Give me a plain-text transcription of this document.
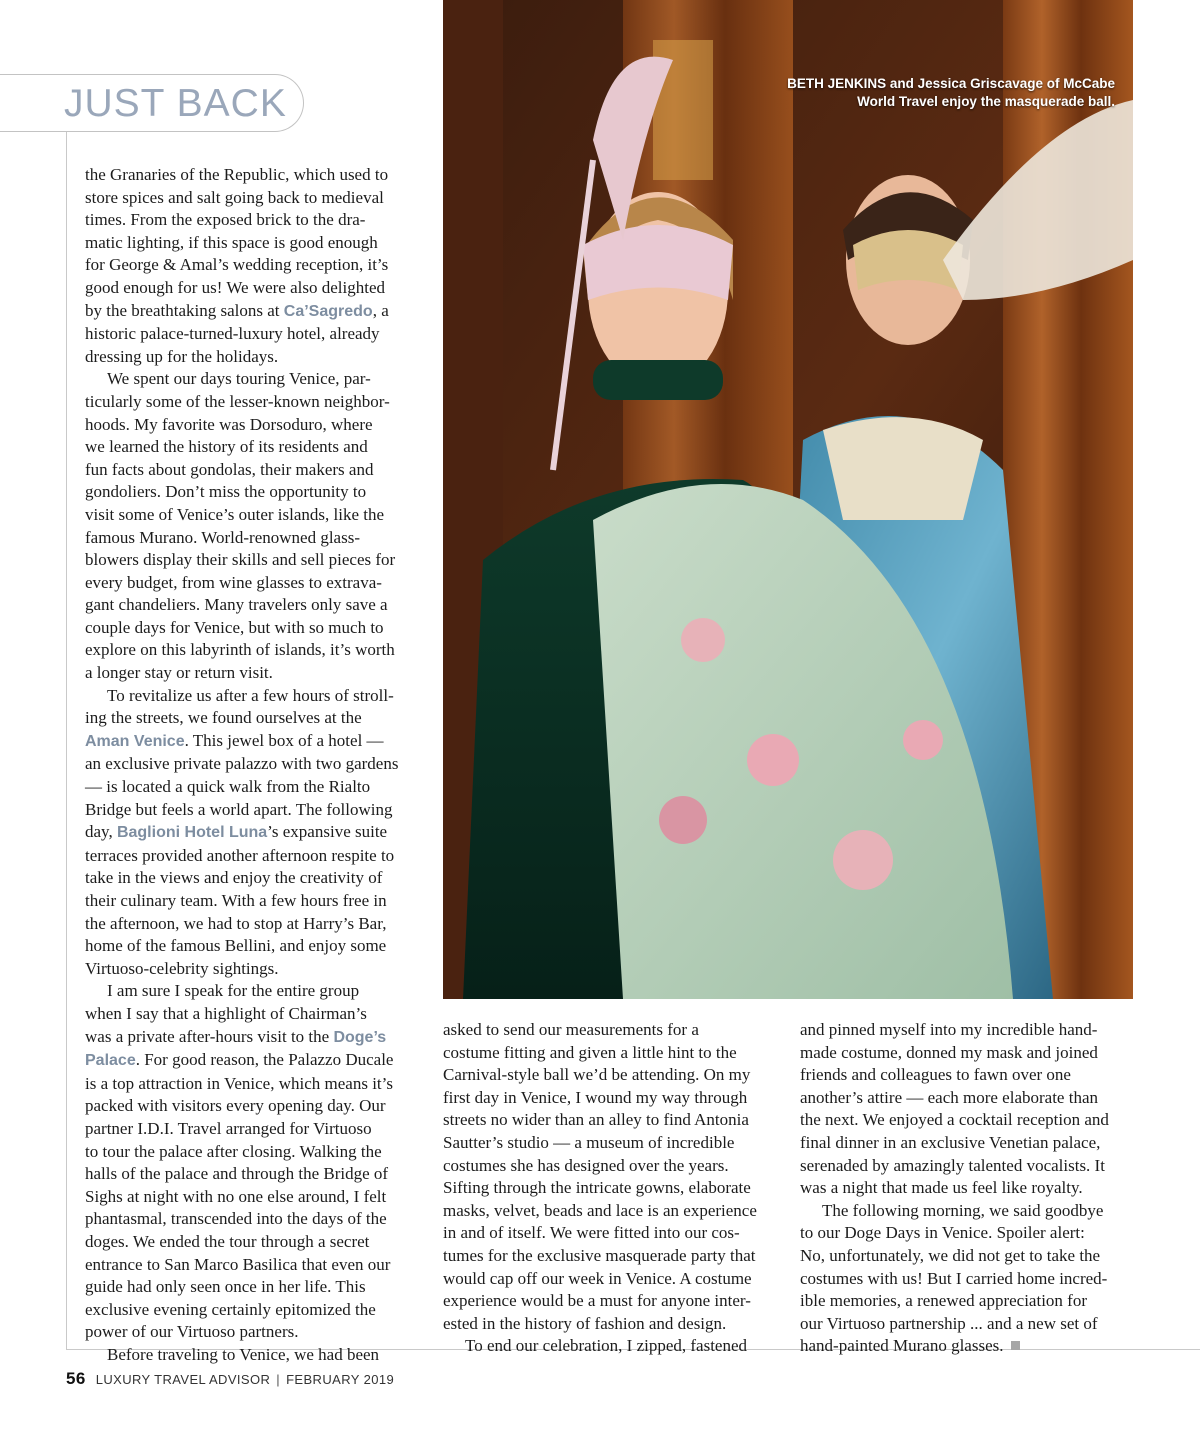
JUST BACK	BETH JENKINS and Jessica Griscavage of McCabe
World Travel enjoy the masquerade ball.

the Granaries of the Republic, which used to

store spices and salt going back to medieval

times. From the exposed brick to the dra-

matic lighting, if this space is good enough

for George & Amal’s wedding reception, it’s

good enough for us! We were also delighted

by the breathtaking salons at Ca’Sagredo, a

historic palace-turned-luxury hotel, already

dressing up for the holidays.

We spent our days touring Venice, par-

ticularly some of the lesser-known neighbor-

hoods. My favorite was Dorsoduro, where

we learned the history of its residents and

fun facts about gondolas, their makers and

gondoliers. Don’t miss the opportunity to

visit some of Venice’s outer islands, like the

famous Murano. World-renowned glass-

blowers display their skills and sell pieces for

every budget, from wine glasses to extrava-

gant chandeliers. Many travelers only save a

couple days for Venice, but with so much to

explore on this labyrinth of islands, it’s worth

a longer stay or return visit.

To revitalize us after a few hours of stroll-

ing the streets, we found ourselves at the

Aman Venice. This jewel box of a hotel —

an exclusive private palazzo with two gardens

— is located a quick walk from the Rialto

Bridge but feels a world apart. The following

day, Baglioni Hotel Luna’s expansive suite

terraces provided another afternoon respite to

take in the views and enjoy the creativity of

their culinary team. With a few hours free in

the afternoon, we had to stop at Harry’s Bar,

home of the famous Bellini, and enjoy some

Virtuoso-celebrity sightings.

I am sure I speak for the entire group

when I say that a highlight of Chairman’s

was a private after-hours visit to the Doge’s

Palace. For good reason, the Palazzo Ducale

is a top attraction in Venice, which means it’s

packed with visitors every opening day. Our

partner I.D.I. Travel arranged for Virtuoso

to tour the palace after closing. Walking the

halls of the palace and through the Bridge of

Sighs at night with no one else around, I felt

phantasmal, transcended into the days of the

doges. We ended the tour through a secret

entrance to San Marco Basilica that even our

guide had only seen once in her life. This

exclusive evening certainly epitomized the

power of our Virtuoso partners.

Before traveling to Venice, we had been

asked to send our measurements for a

costume fitting and given a little hint to the

Carnival-style ball we’d be attending. On my

first day in Venice, I wound my way through

streets no wider than an alley to find Antonia

Sautter’s studio — a museum of incredible

costumes she has designed over the years.

Sifting through the intricate gowns, elaborate

masks, velvet, beads and lace is an experience

in and of itself. We were fitted into our cos-

tumes for the exclusive masquerade party that

would cap off our week in Venice. A costume

experience would be a must for anyone inter-

ested in the history of fashion and design.

To end our celebration, I zipped, fastened

and pinned myself into my incredible hand-

made costume, donned my mask and joined

friends and colleagues to fawn over one

another’s attire — each more elaborate than

the next. We enjoyed a cocktail reception and

final dinner in an exclusive Venetian palace,

serenaded by amazingly talented vocalists. It

was a night that made us feel like royalty.

The following morning, we said goodbye

to our Doge Days in Venice. Spoiler alert:

No, unfortunately, we did not get to take the

costumes with us! But I carried home incred-

ible memories, a renewed appreciation for

our Virtuoso partnership ... and a new set of

hand-painted Murano glasses.

56 LUXURY TRAVEL ADVISOR | FEBRUARY 2019
